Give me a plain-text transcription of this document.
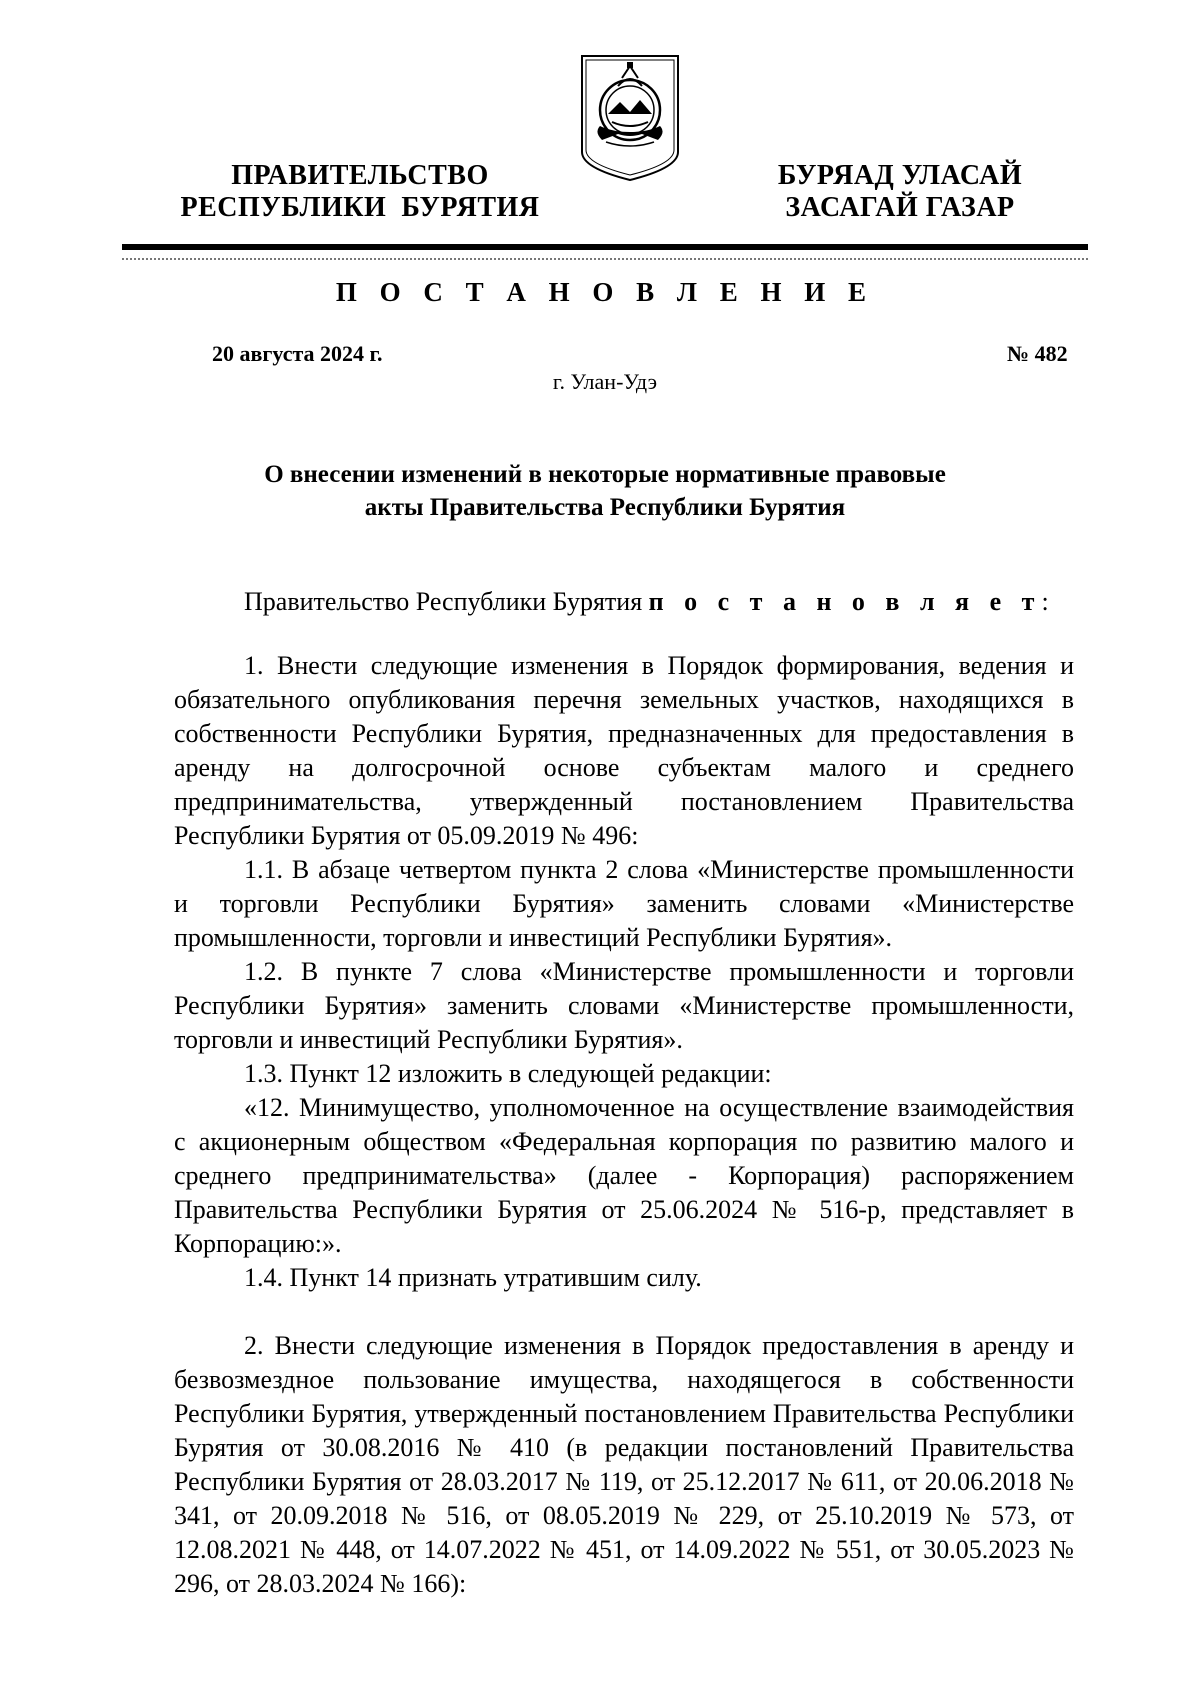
ПРАВИТЕЛЬСТВО
РЕСПУБЛИКИ  БУРЯТИЯ
БУРЯАД УЛАСАЙ
ЗАСАГАЙ ГАЗАР
П О С Т А Н О В Л Е Н И Е
20 августа 2024 г.	№ 482
г. Улан-Удэ
О внесении изменений в некоторые нормативные правовые
акты Правительства Республики Бурятия

Правительство Республики Бурятия п о с т а н о в л я е т:

1. Внести следующие изменения в Порядок формирования, ведения и обязательного опубликования перечня земельных участков, находящихся в собственности Республики Бурятия, предназначенных для предоставления в аренду на долгосрочной основе субъектам малого и среднего предпринимательства, утвержденный постановлением Правительства Республики Бурятия от 05.09.2019 № 496:

1.1. В абзаце четвертом пункта 2 слова «Министерстве промышленности и торговли Республики Бурятия» заменить словами «Министерстве промышленности, торговли и инвестиций Республики Бурятия».

1.2. В пункте 7 слова «Министерстве промышленности и торговли Республики Бурятия» заменить словами «Министерстве промышленности, торговли и инвестиций Республики Бурятия».

1.3. Пункт 12 изложить в следующей редакции:

«12. Минимущество, уполномоченное на осуществление взаимодействия с акционерным обществом «Федеральная корпорация по развитию малого и среднего предпринимательства» (далее - Корпорация) распоряжением Правительства Республики Бурятия от 25.06.2024 № 516-р, представляет в Корпорацию:».

1.4. Пункт 14 признать утратившим силу.

2. Внести следующие изменения в Порядок предоставления в аренду и безвозмездное пользование имущества, находящегося в собственности Республики Бурятия, утвержденный постановлением Правительства Республики Бурятия от 30.08.2016 № 410 (в редакции постановлений Правительства Республики Бурятия от 28.03.2017 № 119, от 25.12.2017 № 611, от 20.06.2018 № 341, от 20.09.2018 № 516, от 08.05.2019 № 229, от 25.10.2019 № 573, от 12.08.2021 № 448, от 14.07.2022 № 451, от 14.09.2022 № 551, от 30.05.2023 № 296, от 28.03.2024 № 166):
